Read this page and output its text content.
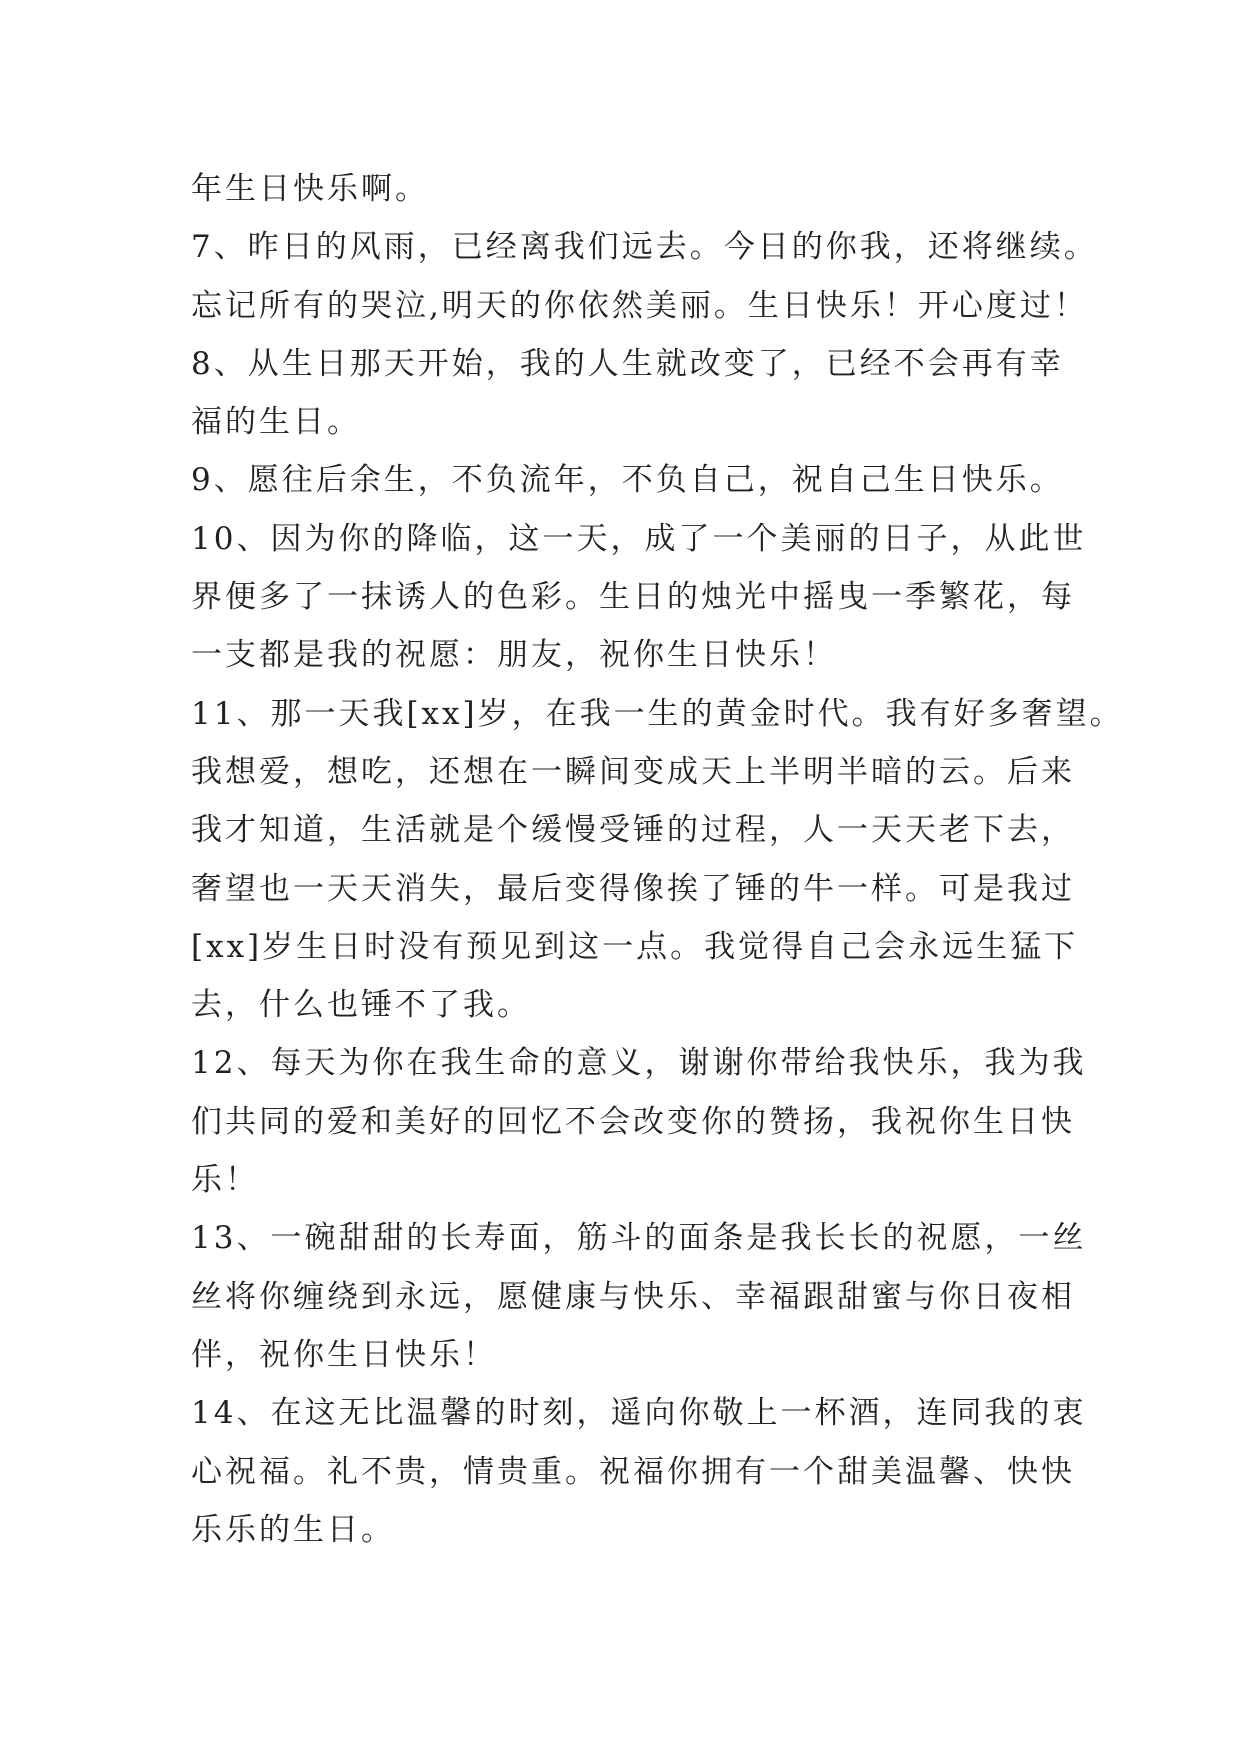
年生日快乐啊。
7、昨日的风雨，已经离我们远去。今日的你我，还将继续。
忘记所有的哭泣,明天的你依然美丽。生日快乐！开心度过！
8、从生日那天开始，我的人生就改变了，已经不会再有幸
福的生日。
9、愿往后余生，不负流年，不负自己，祝自己生日快乐。
10、因为你的降临，这一天，成了一个美丽的日子，从此世
界便多了一抹诱人的色彩。生日的烛光中摇曳一季繁花，每
一支都是我的祝愿：朋友，祝你生日快乐！
11、那一天我[xx]岁，在我一生的黄金时代。我有好多奢望。
我想爱，想吃，还想在一瞬间变成天上半明半暗的云。后来
我才知道，生活就是个缓慢受锤的过程，人一天天老下去，
奢望也一天天消失，最后变得像挨了锤的牛一样。可是我过
[xx]岁生日时没有预见到这一点。我觉得自己会永远生猛下
去，什么也锤不了我。
12、每天为你在我生命的意义，谢谢你带给我快乐，我为我
们共同的爱和美好的回忆不会改变你的赞扬，我祝你生日快
乐！
13、一碗甜甜的长寿面，筋斗的面条是我长长的祝愿，一丝
丝将你缠绕到永远，愿健康与快乐、幸福跟甜蜜与你日夜相
伴，祝你生日快乐！
14、在这无比温馨的时刻，遥向你敬上一杯酒，连同我的衷
心祝福。礼不贵，情贵重。祝福你拥有一个甜美温馨、快快
乐乐的生日。
